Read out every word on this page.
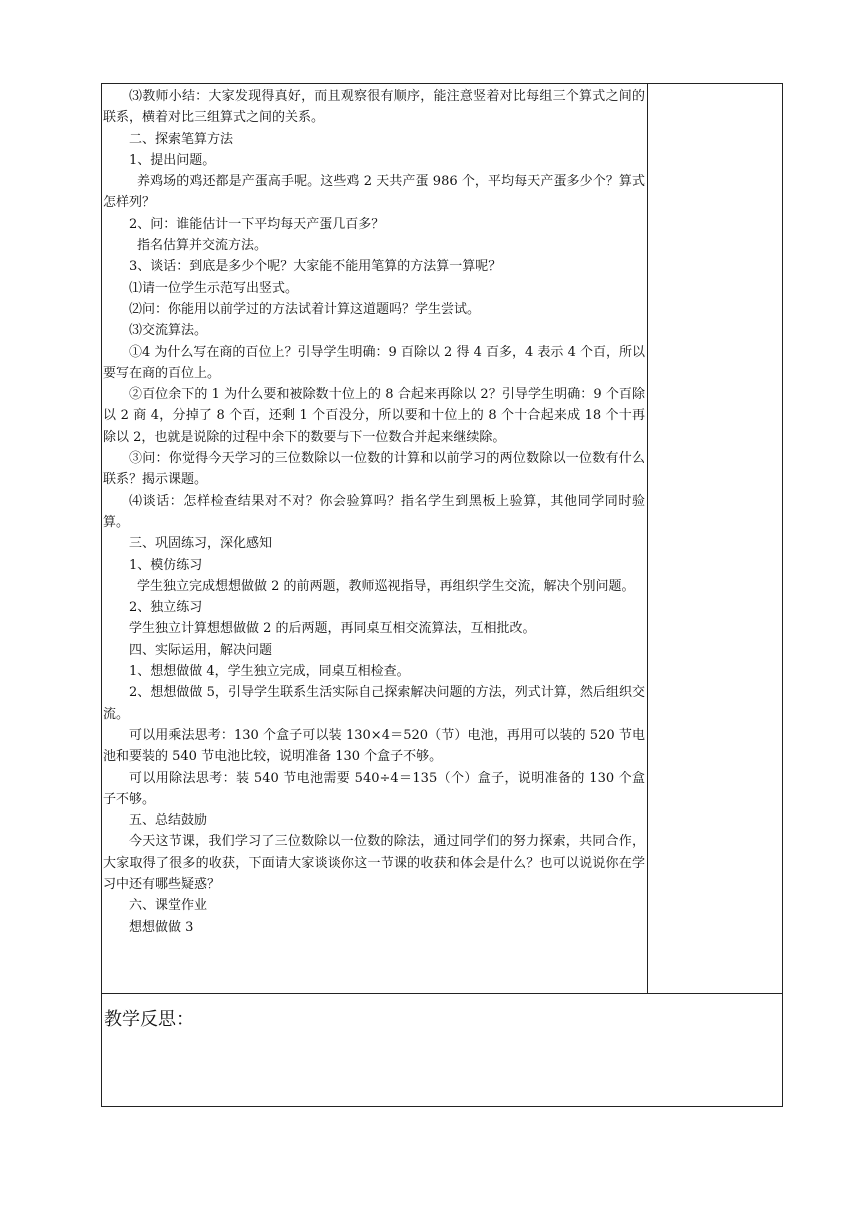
⑶教师小结：大家发现得真好，而且观察很有顺序，能注意竖着对比每组三个算式之间的联系，横着对比三组算式之间的关系。

二、探索笔算方法

1、提出问题。

养鸡场的鸡还都是产蛋高手呢。这些鸡 2 天共产蛋 986 个，平均每天产蛋多少个？算式怎样列？

2、问：谁能估计一下平均每天产蛋几百多？

指名估算并交流方法。

3、谈话：到底是多少个呢？大家能不能用笔算的方法算一算呢？

⑴请一位学生示范写出竖式。

⑵问：你能用以前学过的方法试着计算这道题吗？学生尝试。

⑶交流算法。

①4 为什么写在商的百位上？引导学生明确：9 百除以 2 得 4 百多，4 表示 4 个百，所以要写在商的百位上。

②百位余下的 1 为什么要和被除数十位上的 8 合起来再除以 2？引导学生明确：9 个百除以 2 商 4，分掉了 8 个百，还剩 1 个百没分，所以要和十位上的 8 个十合起来成 18 个十再除以 2，也就是说除的过程中余下的数要与下一位数合并起来继续除。

③问：你觉得今天学习的三位数除以一位数的计算和以前学习的两位数除以一位数有什么联系？揭示课题。

⑷谈话：怎样检查结果对不对？你会验算吗？指名学生到黑板上验算，其他同学同时验算。

三、巩固练习，深化感知

1、模仿练习

学生独立完成想想做做 2 的前两题，教师巡视指导，再组织学生交流，解决个别问题。

2、独立练习

学生独立计算想想做做 2 的后两题，再同桌互相交流算法，互相批改。

四、实际运用，解决问题

1、想想做做 4，学生独立完成，同桌互相检查。

2、想想做做 5，引导学生联系生活实际自己探索解决问题的方法，列式计算，然后组织交流。

可以用乘法思考：130 个盒子可以装 130×4＝520（节）电池，再用可以装的 520 节电池和要装的 540 节电池比较，说明准备 130 个盒子不够。

可以用除法思考：装 540 节电池需要 540÷4＝135（个）盒子，说明准备的 130 个盒子不够。

五、总结鼓励

今天这节课，我们学习了三位数除以一位数的除法，通过同学们的努力探索，共同合作，大家取得了很多的收获，下面请大家谈谈你这一节课的收获和体会是什么？也可以说说你在学习中还有哪些疑惑？

六、课堂作业

想想做做 3

教学反思：
